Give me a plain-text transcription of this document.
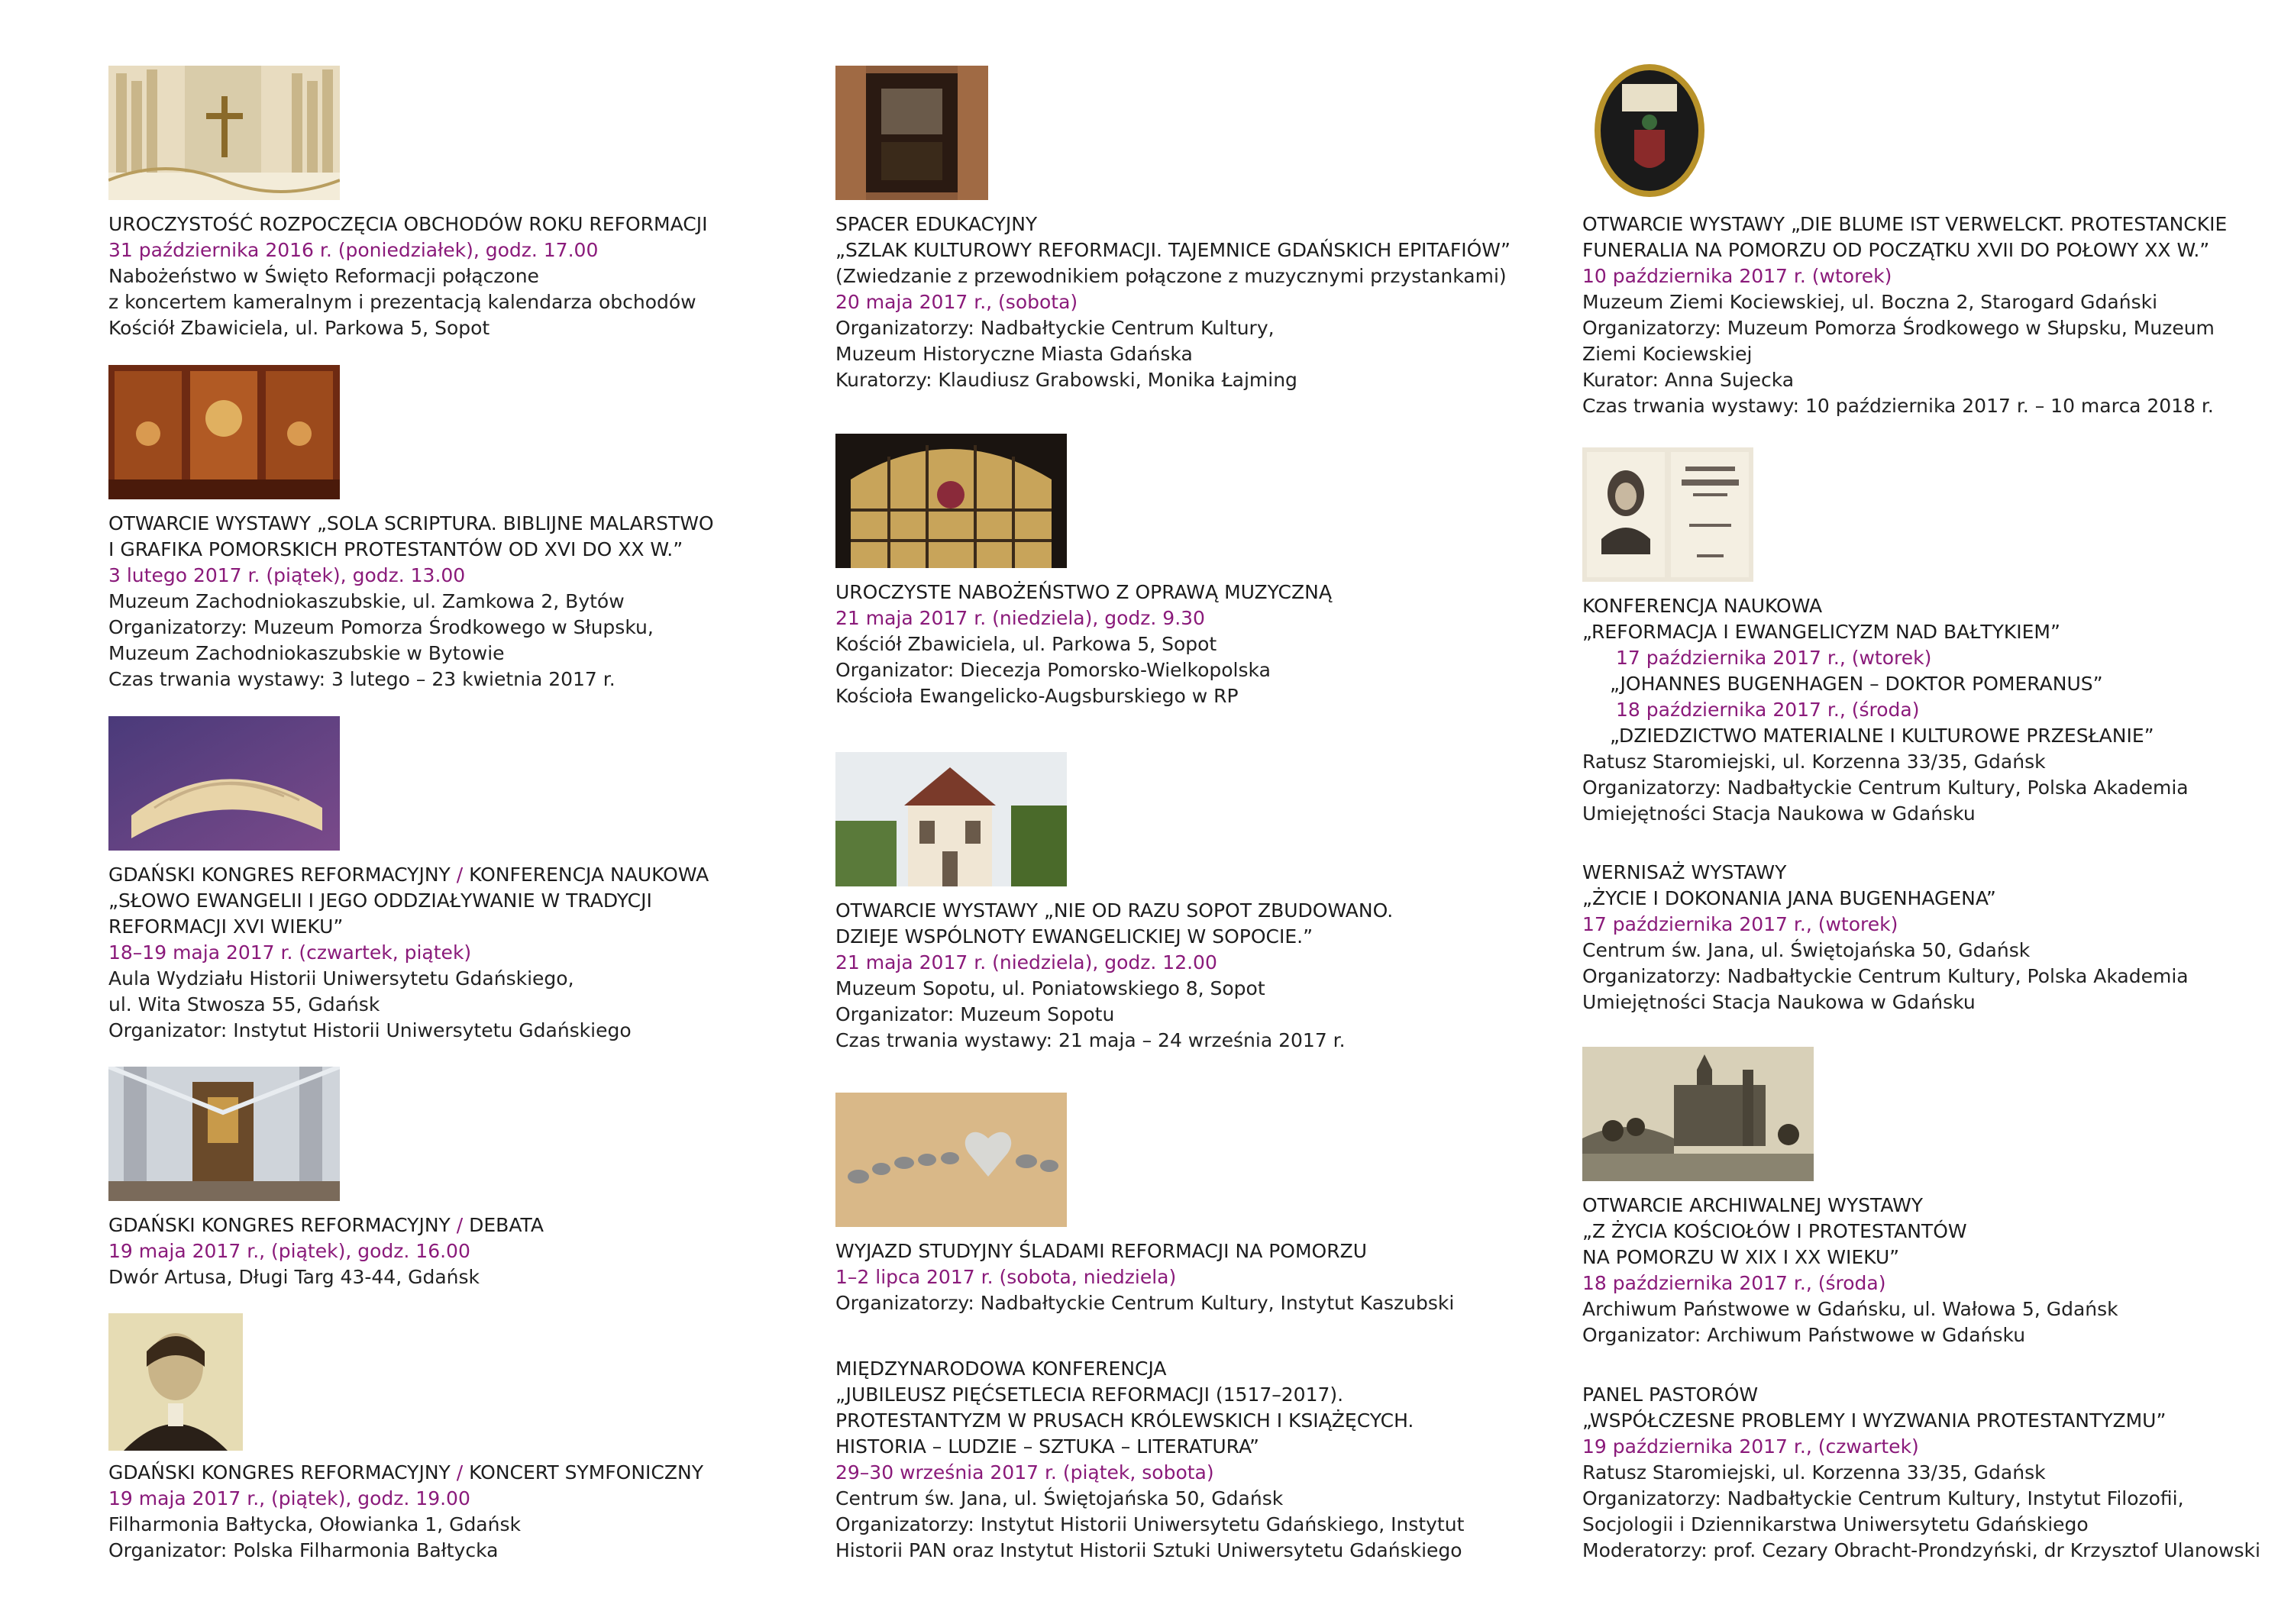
UROCZYSTOŚĆ ROZPOCZĘCIA OBCHODÓW ROKU REFORMACJI
31 października 2016 r. (poniedziałek), godz. 17.00
Nabożeństwo w Święto Reformacji połączone
z koncertem kameralnym i prezentacją kalendarza obchodów
Kościół Zbawiciela, ul. Parkowa 5, Sopot
OTWARCIE WYSTAWY „SOLA SCRIPTURA. BIBLIJNE MALARSTWO
I GRAFIKA POMORSKICH PROTESTANTÓW OD XVI DO XX W.”
3 lutego 2017 r. (piątek), godz. 13.00
Muzeum Zachodniokaszubskie, ul. Zamkowa 2, Bytów
Organizatorzy: Muzeum Pomorza Środkowego w Słupsku,
Muzeum Zachodniokaszubskie w Bytowie
Czas trwania wystawy: 3 lutego – 23 kwietnia 2017 r.
GDAŃSKI KONGRES REFORMACYJNY / KONFERENCJA NAUKOWA
„SŁOWO EWANGELII I JEGO ODDZIAŁYWANIE W TRADYCJI
REFORMACJI XVI WIEKU”
18–19 maja 2017 r. (czwartek, piątek)
Aula Wydziału Historii Uniwersytetu Gdańskiego,
ul. Wita Stwosza 55, Gdańsk
Organizator: Instytut Historii Uniwersytetu Gdańskiego
GDAŃSKI KONGRES REFORMACYJNY / DEBATA
19 maja 2017 r., (piątek), godz. 16.00
Dwór Artusa, Długi Targ 43-44, Gdańsk
GDAŃSKI KONGRES REFORMACYJNY / KONCERT SYMFONICZNY
19 maja 2017 r., (piątek), godz. 19.00
Filharmonia Bałtycka, Ołowianka 1, Gdańsk
Organizator: Polska Filharmonia Bałtycka
SPACER EDUKACYJNY
„SZLAK KULTUROWY REFORMACJI. TAJEMNICE GDAŃSKICH EPITAFIÓW”
(Zwiedzanie z przewodnikiem połączone z muzycznymi przystankami)
20 maja 2017 r., (sobota)
Organizatorzy: Nadbałtyckie Centrum Kultury,
Muzeum Historyczne Miasta Gdańska
Kuratorzy: Klaudiusz Grabowski, Monika Łajming
UROCZYSTE NABOŻEŃSTWO Z OPRAWĄ MUZYCZNĄ
21 maja 2017 r. (niedziela), godz. 9.30
Kościół Zbawiciela, ul. Parkowa 5, Sopot
Organizator: Diecezja Pomorsko-Wielkopolska
Kościoła Ewangelicko-Augsburskiego w RP
OTWARCIE WYSTAWY „NIE OD RAZU SOPOT ZBUDOWANO.
DZIEJE WSPÓLNOTY EWANGELICKIEJ W SOPOCIE.”
21 maja 2017 r. (niedziela), godz. 12.00
Muzeum Sopotu, ul. Poniatowskiego 8, Sopot
Organizator: Muzeum Sopotu
Czas trwania wystawy: 21 maja – 24 września 2017 r.
WYJAZD STUDYJNY ŚLADAMI REFORMACJI NA POMORZU
1–2 lipca 2017 r. (sobota, niedziela)
Organizatorzy: Nadbałtyckie Centrum Kultury, Instytut Kaszubski
MIĘDZYNARODOWA KONFERENCJA
„JUBILEUSZ PIĘĆSETLECIA REFORMACJI (1517–2017).
PROTESTANTYZM W PRUSACH KRÓLEWSKICH I KSIĄŻĘCYCH.
HISTORIA – LUDZIE – SZTUKA – LITERATURA”
29–30 września 2017 r. (piątek, sobota)
Centrum św. Jana, ul. Świętojańska 50, Gdańsk
Organizatorzy: Instytut Historii Uniwersytetu Gdańskiego, Instytut
Historii PAN oraz Instytut Historii Sztuki Uniwersytetu Gdańskiego
OTWARCIE WYSTAWY „DIE BLUME IST VERWELCKT. PROTESTANCKIE
FUNERALIA NA POMORZU OD POCZĄTKU XVII DO POŁOWY XX W.”
10 października 2017 r. (wtorek)
Muzeum Ziemi Kociewskiej, ul. Boczna 2, Starogard Gdański
Organizatorzy: Muzeum Pomorza Środkowego w Słupsku, Muzeum
Ziemi Kociewskiej
Kurator: Anna Sujecka
Czas trwania wystawy: 10 października 2017 r. – 10 marca 2018 r.
KONFERENCJA NAUKOWA
„REFORMACJA I EWANGELICYZM NAD BAŁTYKIEM”
17 października 2017 r., (wtorek)
„JOHANNES BUGENHAGEN – DOKTOR POMERANUS”
18 października 2017 r., (środa)
„DZIEDZICTWO MATERIALNE I KULTUROWE PRZESŁANIE”
Ratusz Staromiejski, ul. Korzenna 33/35, Gdańsk
Organizatorzy: Nadbałtyckie Centrum Kultury, Polska Akademia
Umiejętności Stacja Naukowa w Gdańsku
WERNISAŻ WYSTAWY
„ŻYCIE I DOKONANIA JANA BUGENHAGENA”
17 października 2017 r., (wtorek)
Centrum św. Jana, ul. Świętojańska 50, Gdańsk
Organizatorzy: Nadbałtyckie Centrum Kultury, Polska Akademia
Umiejętności Stacja Naukowa w Gdańsku
OTWARCIE ARCHIWALNEJ WYSTAWY
„Z ŻYCIA KOŚCIOŁÓW I PROTESTANTÓW
NA POMORZU W XIX I XX WIEKU”
18 października 2017 r., (środa)
Archiwum Państwowe w Gdańsku, ul. Wałowa 5, Gdańsk
Organizator: Archiwum Państwowe w Gdańsku
PANEL PASTORÓW
„WSPÓŁCZESNE PROBLEMY I WYZWANIA PROTESTANTYZMU”
19 października 2017 r., (czwartek)
Ratusz Staromiejski, ul. Korzenna 33/35, Gdańsk
Organizatorzy: Nadbałtyckie Centrum Kultury, Instytut Filozofii,
Socjologii i Dziennikarstwa Uniwersytetu Gdańskiego
Moderatorzy: prof. Cezary Obracht-Prondzyński, dr Krzysztof Ulanowski
